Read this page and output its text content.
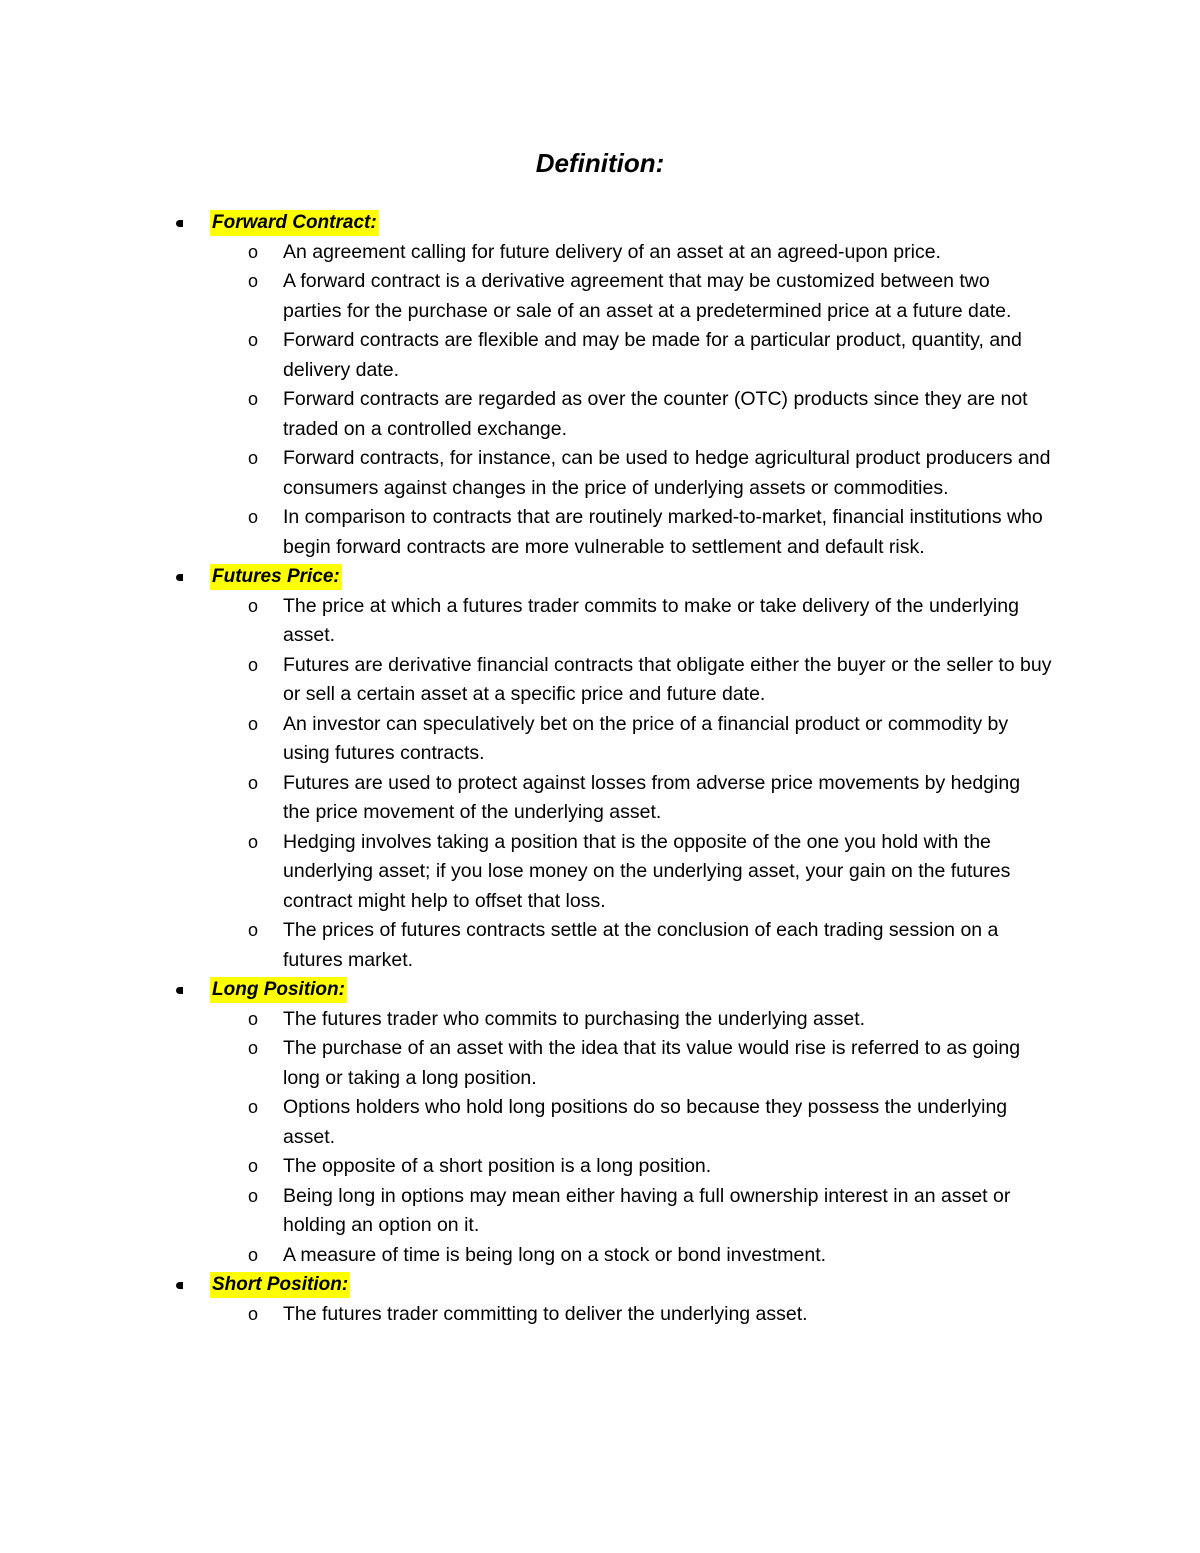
Definition:
Forward Contract:
o	An agreement calling for future delivery of an asset at an agreed-upon price.
o	A forward contract is a derivative agreement that may be customized between two parties for the purchase or sale of an asset at a predetermined price at a future date.
o	Forward contracts are flexible and may be made for a particular product, quantity, and delivery date.
o	Forward contracts are regarded as over the counter (OTC) products since they are not traded on a controlled exchange.
o	Forward contracts, for instance, can be used to hedge agricultural product producers and consumers against changes in the price of underlying assets or commodities.
o	In comparison to contracts that are routinely marked-to-market, financial institutions who begin forward contracts are more vulnerable to settlement and default risk.
Futures Price:
o	The price at which a futures trader commits to make or take delivery of the underlying asset.
o	Futures are derivative financial contracts that obligate either the buyer or the seller to buy or sell a certain asset at a specific price and future date.
o	An investor can speculatively bet on the price of a financial product or commodity by using futures contracts.
o	Futures are used to protect against losses from adverse price movements by hedging the price movement of the underlying asset.
o	Hedging involves taking a position that is the opposite of the one you hold with the underlying asset; if you lose money on the underlying asset, your gain on the futures contract might help to offset that loss.
o	The prices of futures contracts settle at the conclusion of each trading session on a futures market.
Long Position:
o	The futures trader who commits to purchasing the underlying asset.
o	The purchase of an asset with the idea that its value would rise is referred to as going long or taking a long position.
o	Options holders who hold long positions do so because they possess the underlying asset.
o	The opposite of a short position is a long position.
o	Being long in options may mean either having a full ownership interest in an asset or holding an option on it.
o	A measure of time is being long on a stock or bond investment.
Short Position:
o	The futures trader committing to deliver the underlying asset.
